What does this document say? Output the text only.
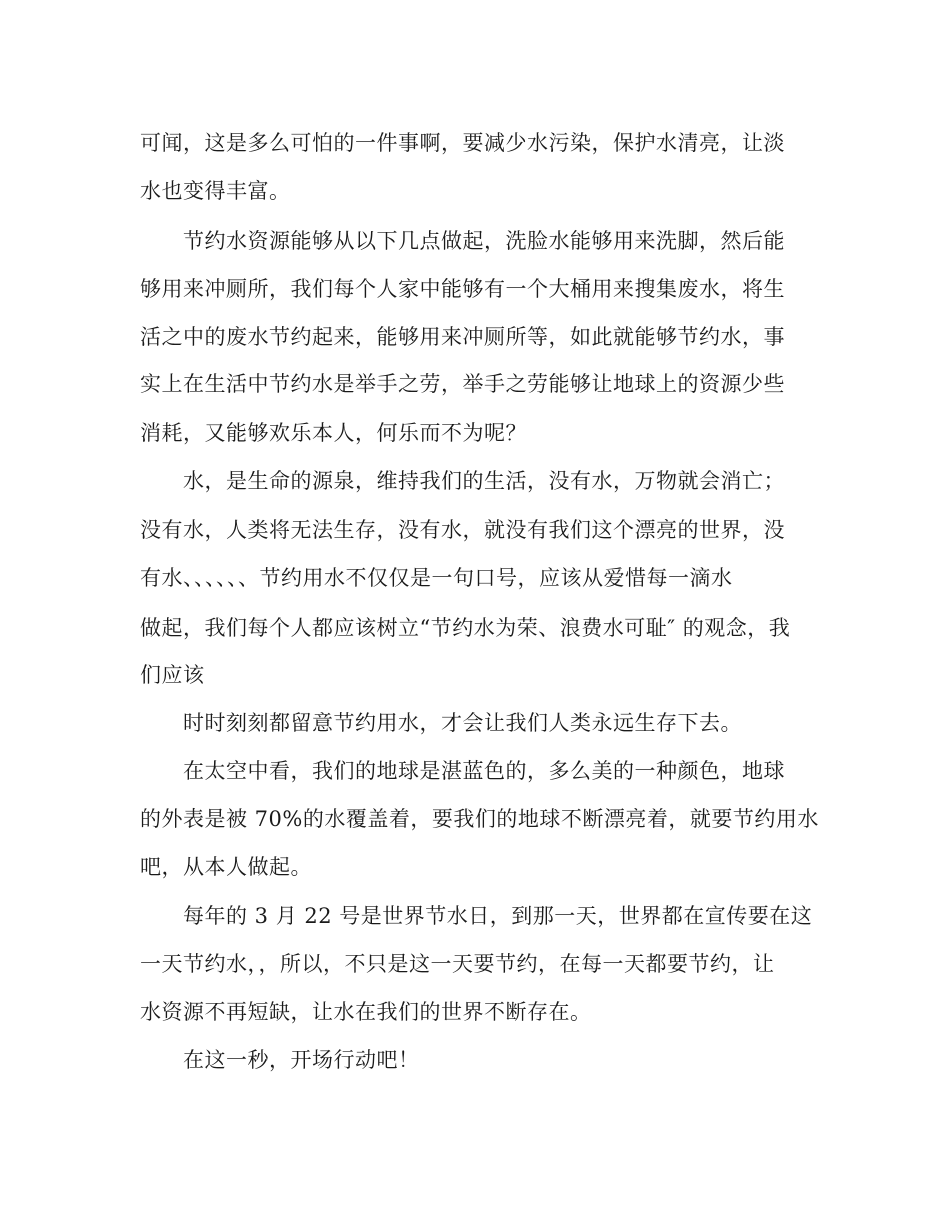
可闻，这是多么可怕的一件事啊，要减少水污染，保护水清亮，让淡
水也变得丰富。
节约水资源能够从以下几点做起，洗脸水能够用来洗脚，然后能
够用来冲厕所，我们每个人家中能够有一个大桶用来搜集废水，将生
活之中的废水节约起来，能够用来冲厕所等，如此就能够节约水，事
实上在生活中节约水是举手之劳，举手之劳能够让地球上的资源少些
消耗，又能够欢乐本人，何乐而不为呢？
水，是生命的源泉，维持我们的生活，没有水，万物就会消亡；
没有水，人类将无法生存，没有水，就没有我们这个漂亮的世界，没
有水、、、、、、节约用水不仅仅是一句口号，应该从爱惜每一滴水
做起，我们每个人都应该树立“节约水为荣、浪费水可耻″ 的观念，我
们应该
时时刻刻都留意节约用水，才会让我们人类永远生存下去。
在太空中看，我们的地球是湛蓝色的，多么美的一种颜色，地球
的外表是被 70%的水覆盖着，要我们的地球不断漂亮着，就要节约用水
吧，从本人做起。
每年的 3 月 22 号是世界节水日，到那一天，世界都在宣传要在这
一天节约水，，所以，不只是这一天要节约，在每一天都要节约，让
水资源不再短缺，让水在我们的世界不断存在。
在这一秒，开场行动吧！
